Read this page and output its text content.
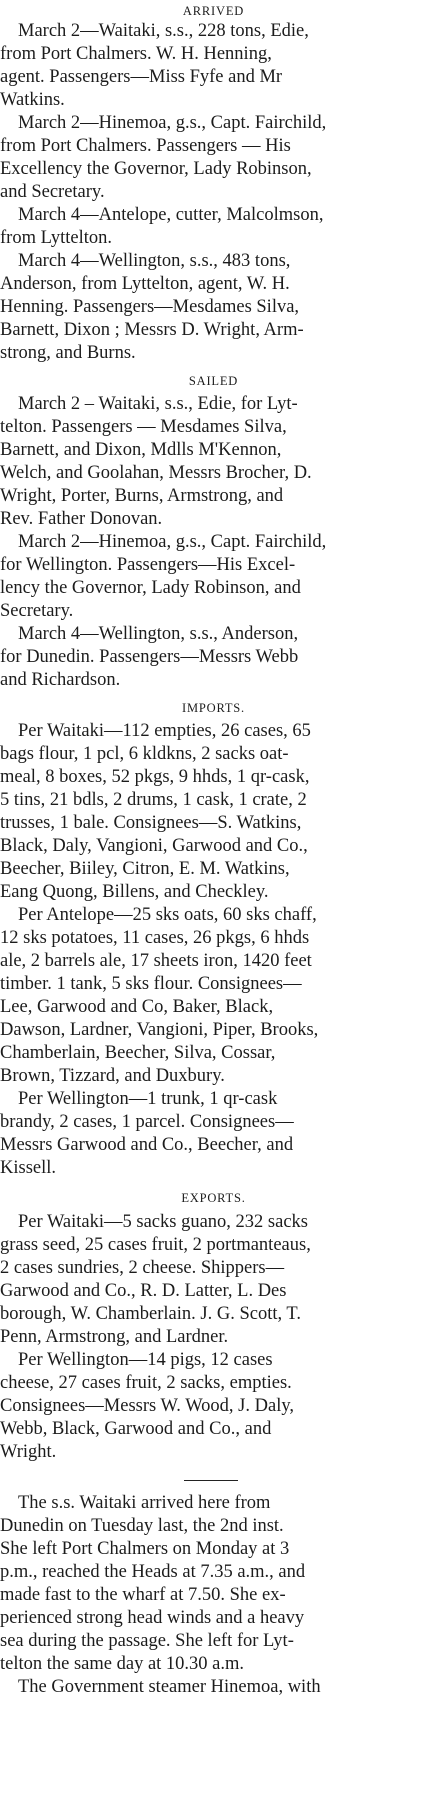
ARRIVED
March 2—Waitaki, s.s., 228 tons, Edie,
from Port Chalmers. W. H. Henning,
agent. Passengers—Miss Fyfe and Mr
Watkins.
March 2—Hinemoa, g.s., Capt. Fairchild,
from Port Chalmers. Passengers — His
Excellency the Governor, Lady Robinson,
and Secretary.
March 4—Antelope, cutter, Malcolmson,
from Lyttelton.
March 4—Wellington, s.s., 483 tons,
Anderson, from Lyttelton, agent, W. H.
Henning. Passengers—Mesdames Silva,
Barnett, Dixon ; Messrs D. Wright, Arm-
strong, and Burns.
SAILED
March 2 – Waitaki, s.s., Edie, for Lyt-
telton. Passengers — Mesdames Silva,
Barnett, and Dixon, Mdlls M'Kennon,
Welch, and Goolahan, Messrs Brocher, D.
Wright, Porter, Burns, Armstrong, and
Rev. Father Donovan.
March 2—Hinemoa, g.s., Capt. Fairchild,
for Wellington. Passengers—His Excel-
lency the Governor, Lady Robinson, and
Secretary.
March 4—Wellington, s.s., Anderson,
for Dunedin. Passengers—Messrs Webb
and Richardson.
IMPORTS.
Per Waitaki—112 empties, 26 cases, 65
bags flour, 1 pcl, 6 kldkns, 2 sacks oat-
meal, 8 boxes, 52 pkgs, 9 hhds, 1 qr-cask,
5 tins, 21 bdls, 2 drums, 1 cask, 1 crate, 2
trusses, 1 bale. Consignees—S. Watkins,
Black, Daly, Vangioni, Garwood and Co.,
Beecher, Biiley, Citron, E. M. Watkins,
Eang Quong, Billens, and Checkley.
Per Antelope—25 sks oats, 60 sks chaff,
12 sks potatoes, 11 cases, 26 pkgs, 6 hhds
ale, 2 barrels ale, 17 sheets iron, 1420 feet
timber. 1 tank, 5 sks flour. Consignees—
Lee, Garwood and Co, Baker, Black,
Dawson, Lardner, Vangioni, Piper, Brooks,
Chamberlain, Beecher, Silva, Cossar,
Brown, Tizzard, and Duxbury.
Per Wellington—1 trunk, 1 qr-cask
brandy, 2 cases, 1 parcel. Consignees—
Messrs Garwood and Co., Beecher, and
Kissell.
EXPORTS.
Per Waitaki—5 sacks guano, 232 sacks
grass seed, 25 cases fruit, 2 portmanteaus,
2 cases sundries, 2 cheese. Shippers—
Garwood and Co., R. D. Latter, L. Des
borough, W. Chamberlain. J. G. Scott, T.
Penn, Armstrong, and Lardner.
Per Wellington—14 pigs, 12 cases
cheese, 27 cases fruit, 2 sacks, empties.
Consignees—Messrs W. Wood, J. Daly,
Webb, Black, Garwood and Co., and
Wright.
The s.s. Waitaki arrived here from
Dunedin on Tuesday last, the 2nd inst.
She left Port Chalmers on Monday at 3
p.m., reached the Heads at 7.35 a.m., and
made fast to the wharf at 7.50. She ex-
perienced strong head winds and a heavy
sea during the passage. She left for Lyt-
telton the same day at 10.30 a.m.
The Government steamer Hinemoa, with
